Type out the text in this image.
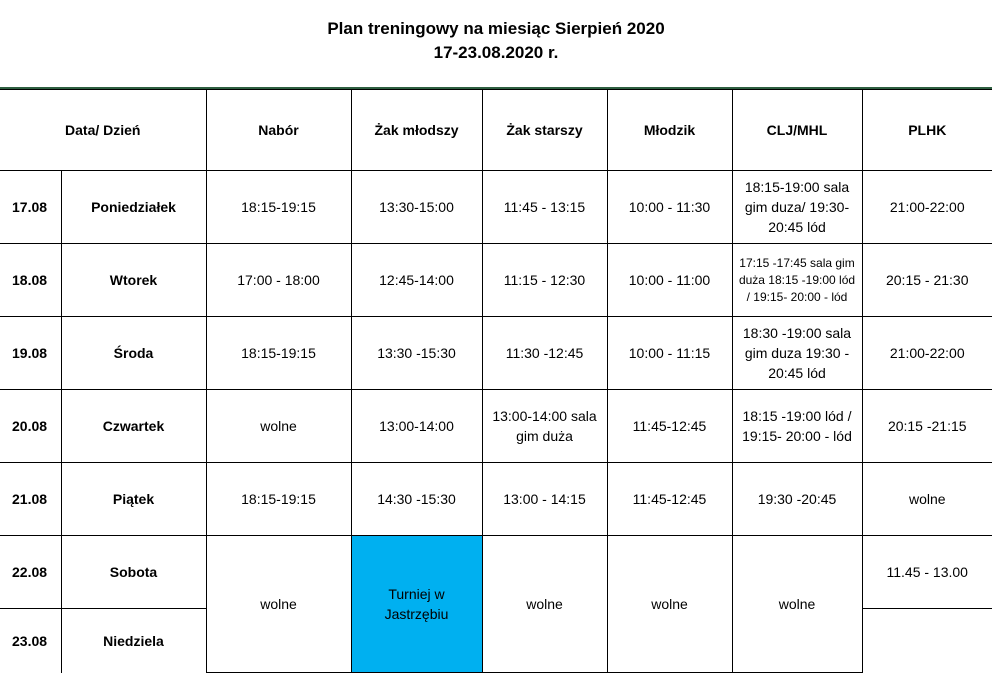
Plan treningowy na miesiąc Sierpień 2020
17-23.08.2020 r.
Data/ Dzień		Nabór	Żak młodszy	Żak starszy	Młodzik	CLJ/MHL	PLHK
17.08	Poniedziałek	18:15-19:15	13:30-15:00	11:45 - 13:15	10:00 - 11:30	18:15-19:00 sala gim duza/ 19:30-20:45 lód	21:00-22:00
18.08	Wtorek	17:00 - 18:00	12:45-14:00	11:15 - 12:30	10:00 - 11:00	17:15 -17:45 sala gim duża 18:15 -19:00 lód / 19:15- 20:00 - lód	20:15 - 21:30
19.08	Środa	18:15-19:15	13:30 -15:30	11:30 -12:45	10:00 - 11:15	18:30 -19:00 sala gim duza 19:30 - 20:45 lód	21:00-22:00
20.08	Czwartek	wolne	13:00-14:00	13:00-14:00 sala gim duża	11:45-12:45	18:15 -19:00 lód / 19:15- 20:00 - lód	20:15 -21:15
21.08	Piątek	18:15-19:15	14:30 -15:30	13:00 - 14:15	11:45-12:45	19:30 -20:45	wolne
22.08	Sobota	wolne	Turniej w Jastrzębiu	wolne	wolne	wolne	11.45 - 13.00
23.08	Niedziela						
